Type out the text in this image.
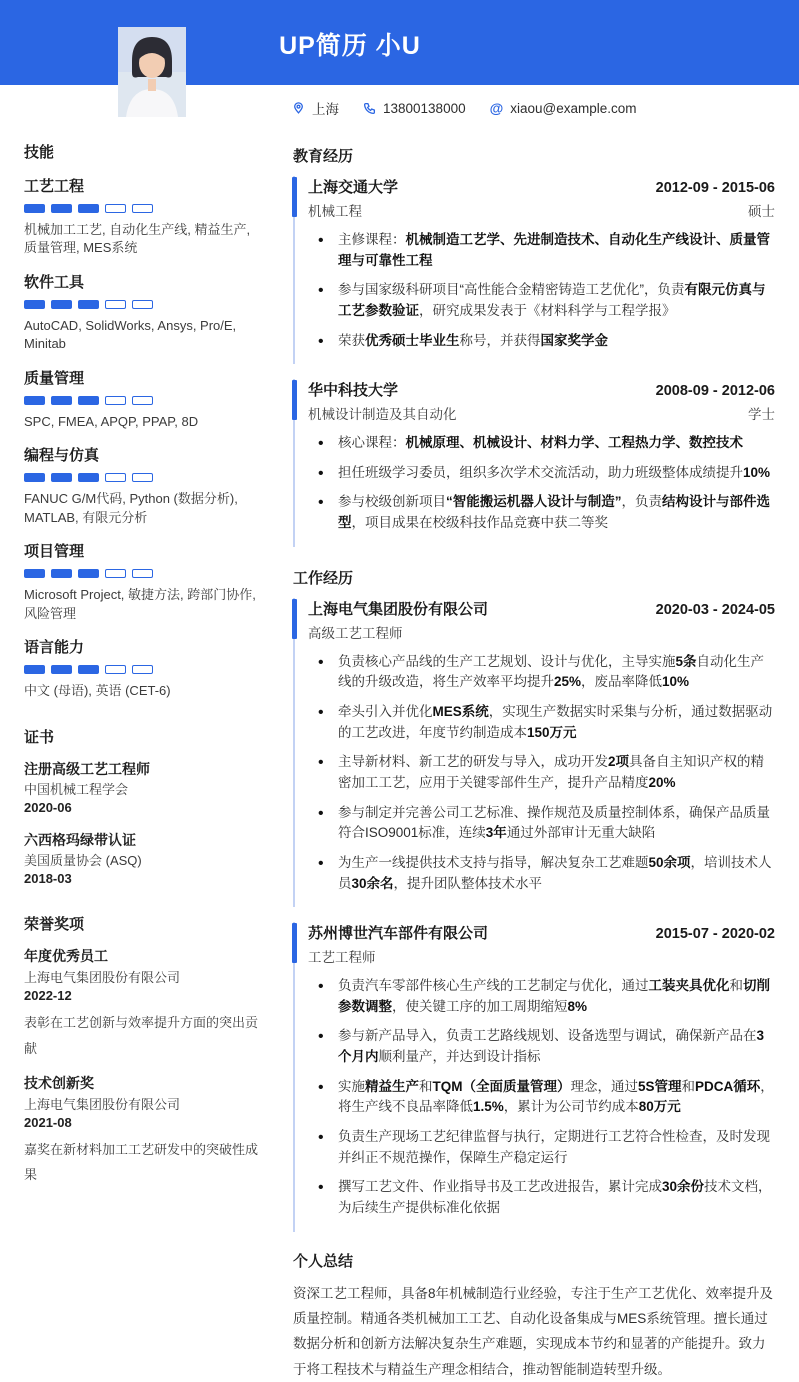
UP简历 小U
上海	13800138000 @ xiaou@example.com
技能
工艺工程
机械加工工艺, 自动化生产线, 精益生产, 质量管理, MES系统
软件工具
AutoCAD, SolidWorks, Ansys, Pro/E, Minitab
质量管理
SPC, FMEA, APQP, PPAP, 8D
编程与仿真
FANUC G/M代码, Python (数据分析), MATLAB, 有限元分析
项目管理
Microsoft Project, 敏捷方法, 跨部门协作, 风险管理
语言能力
中文 (母语), 英语 (CET-6)
证书
注册高级工艺工程师
中国机械工程学会
2020-06
六西格玛绿带认证
美国质量协会 (ASQ)
2018-03
荣誉奖项
年度优秀员工
上海电气集团股份有限公司
2022-12
表彰在工艺创新与效率提升方面的突出贡献
技术创新奖
上海电气集团股份有限公司
2021-08
嘉奖在新材料加工工艺研发中的突破性成果
教育经历
上海交通大学	2012-09 - 2015-06
机械工程	硕士
• 主修课程：机械制造工艺学、先进制造技术、自动化生产线设计、质量管理与可靠性工程
• 参与国家级科研项目“高性能合金精密铸造工艺优化”，负责有限元仿真与工艺参数验证，研究成果发表于《材料科学与工程学报》
• 荣获优秀硕士毕业生称号，并获得国家奖学金
华中科技大学	2008-09 - 2012-06
机械设计制造及其自动化	学士
• 核心课程：机械原理、机械设计、材料力学、工程热力学、数控技术
• 担任班级学习委员，组织多次学术交流活动，助力班级整体成绩提升10%
• 参与校级创新项目“智能搬运机器人设计与制造”，负责结构设计与部件选型，项目成果在校级科技作品竞赛中获二等奖
工作经历
上海电气集团股份有限公司	2020-03 - 2024-05
高级工艺工程师
• 负责核心产品线的生产工艺规划、设计与优化，主导实施5条自动化生产线的升级改造，将生产效率平均提升25%，废品率降低10%
• 牵头引入并优化MES系统，实现生产数据实时采集与分析，通过数据驱动的工艺改进，年度节约制造成本150万元
• 主导新材料、新工艺的研发与导入，成功开发2项具备自主知识产权的精密加工工艺，应用于关键零部件生产，提升产品精度20%
• 参与制定并完善公司工艺标准、操作规范及质量控制体系，确保产品质量符合ISO9001标准，连续3年通过外部审计无重大缺陷
• 为生产一线提供技术支持与指导，解决复杂工艺难题50余项，培训技术人员30余名，提升团队整体技术水平
苏州博世汽车部件有限公司	2015-07 - 2020-02
工艺工程师
• 负责汽车零部件核心生产线的工艺制定与优化，通过工装夹具优化和切削参数调整，使关键工序的加工周期缩短8%
• 参与新产品导入，负责工艺路线规划、设备选型与调试，确保新产品在3个月内顺利量产，并达到设计指标
• 实施精益生产和TQM（全面质量管理）理念，通过5S管理和PDCA循环，将生产线不良品率降低1.5%，累计为公司节约成本80万元
• 负责生产现场工艺纪律监督与执行，定期进行工艺符合性检查，及时发现并纠正不规范操作，保障生产稳定运行
• 撰写工艺文件、作业指导书及工艺改进报告，累计完成30余份技术文档，为后续生产提供标准化依据
个人总结

资深工艺工程师，具备8年机械制造行业经验，专注于生产工艺优化、效率提升及质量控制。精通各类机械加工工艺、自动化设备集成与MES系统管理。擅长通过数据分析和创新方法解决复杂生产难题，实现成本节约和显著的产能提升。致力于将工程技术与精益生产理念相结合，推动智能制造转型升级。
